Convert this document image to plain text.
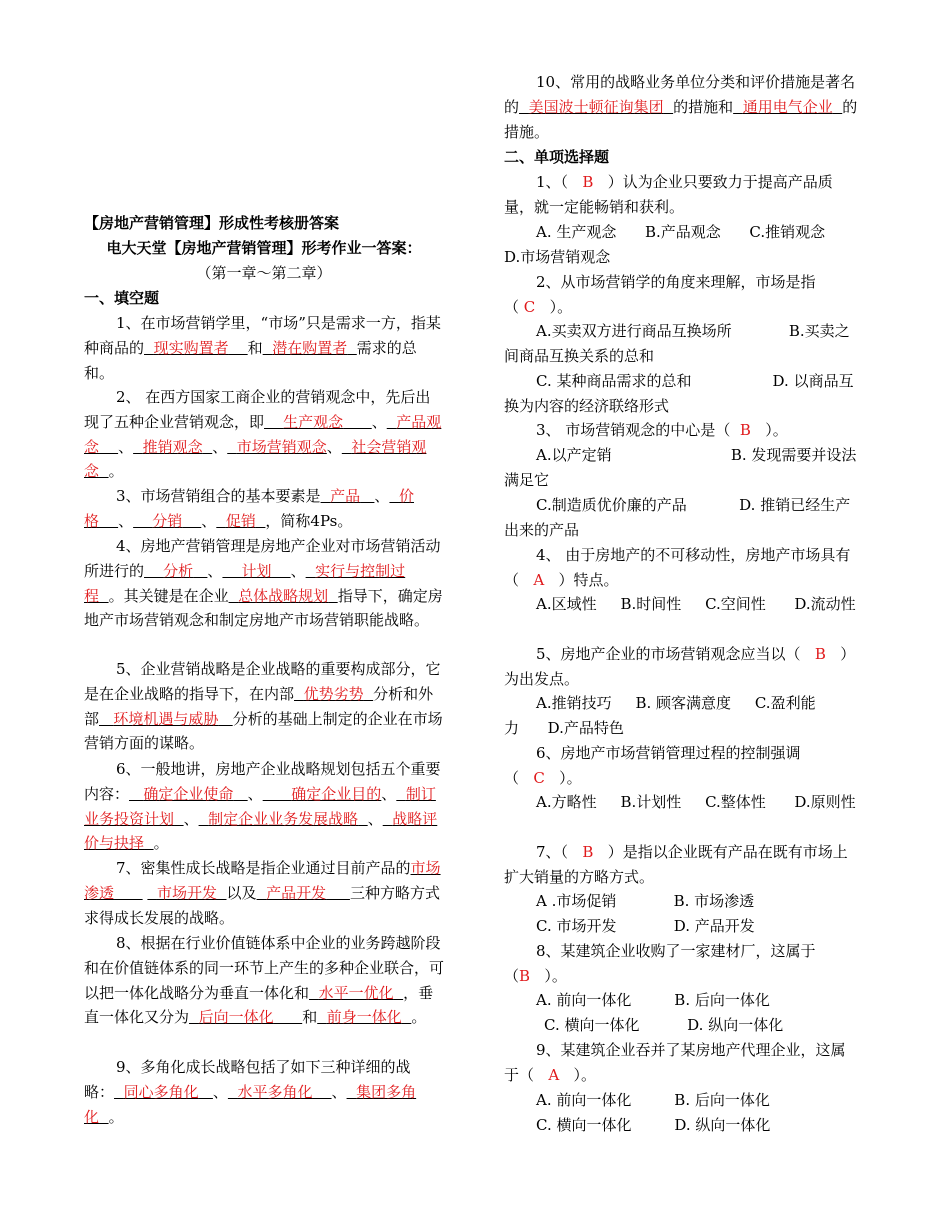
【房地产营销管理】形成性考核册答案
电大天堂【房地产营销管理】形考作业一答案：
（第一章～第二章）
一、填空题
1、在市场营销学里，“市场”只是需求一方，指某种商品的 现实购置者 和 潜在购置者 需求的总和。
2、 在西方国家工商企业的营销观念中，先后出现了五种企业营销观念，即 生产观念 、 产品观念 、 推销观念 、 市场营销观念、 社会营销观念 。
3、市场营销组合的基本要素是 产品 、 价格 、 分销 、 促销 ，简称4Ps。
4、房地产营销管理是房地产企业对市场营销活动所进行的 分析 、 计划 、 实行与控制过程 。其关键是在企业 总体战略规划 指导下，确定房地产市场营销观念和制定房地产市场营销职能战略。
5、企业营销战略是企业战略的重要构成部分，它是在企业战略的指导下，在内部 优势劣势 分析和外部 环境机遇与威胁 分析的基础上制定的企业在市场营销方面的谋略。
6、一般地讲，房地产企业战略规划包括五个重要内容： 确定企业使命 、 确定企业目的、 制订业务投资计划 、 制定企业业务发展战略 、 战略评价与抉择 。
7、密集性成长战略是指企业通过目前产品的市场渗透	市场开发 以及 产品开发 三种方略方式求得成长发展的战略。
8、根据在行业价值链体系中企业的业务跨越阶段和在价值链体系的同一环节上产生的多种企业联合，可以把一体化战略分为垂直一体化和 水平一优化 ，垂直一体化又分为 后向一体化 和 前身一体化 。
9、多角化成长战略包括了如下三种详细的战略： 同心多角化 、 水平多角化 、 集团多角化 。
10、常用的战略业务单位分类和评价措施是著名的 美国波士顿征询集团 的措施和 通用电气企业 的措施。
二、单项选择题
1、（ B ）认为企业只要致力于提高产品质量，就一定能畅销和获利。
A. 生产观念 B.产品观念 C.推销观念
D.市场营销观念
2、从市场营销学的角度来理解，市场是指（ C ）。
A.买卖双方进行商品互换场所	B.买卖之间商品互换关系的总和
C. 某种商品需求的总和	D. 以商品互换为内容的经济联络形式
3、 市场营销观念的中心是（ B ）。
A.以产定销	B. 发现需要并设法满足它
C.制造质优价廉的产品	D. 推销已经生产出来的产品
4、 由于房地产的不可移动性，房地产市场具有（ A ）特点。
A.区域性 B.时间性 C.空间性 D.流动性
5、房地产企业的市场营销观念应当以（ B ）为出发点。
A.推销技巧 B. 顾客满意度 C.盈利能力 D.产品特色
6、房地产市场营销管理过程的控制强调（ C ）。
A.方略性 B.计划性 C.整体性 D.原则性
7、（ B ）是指以企业既有产品在既有市场上扩大销量的方略方式。
A .市场促销	B. 市场渗透
C. 市场开发	D. 产品开发
8、某建筑企业收购了一家建材厂，这属于（B ）。
A. 前向一体化	B. 后向一体化
C. 横向一体化	D. 纵向一体化
9、某建筑企业吞并了某房地产代理企业，这属于（ A ）。
A. 前向一体化	B. 后向一体化
C. 横向一体化	D. 纵向一体化
